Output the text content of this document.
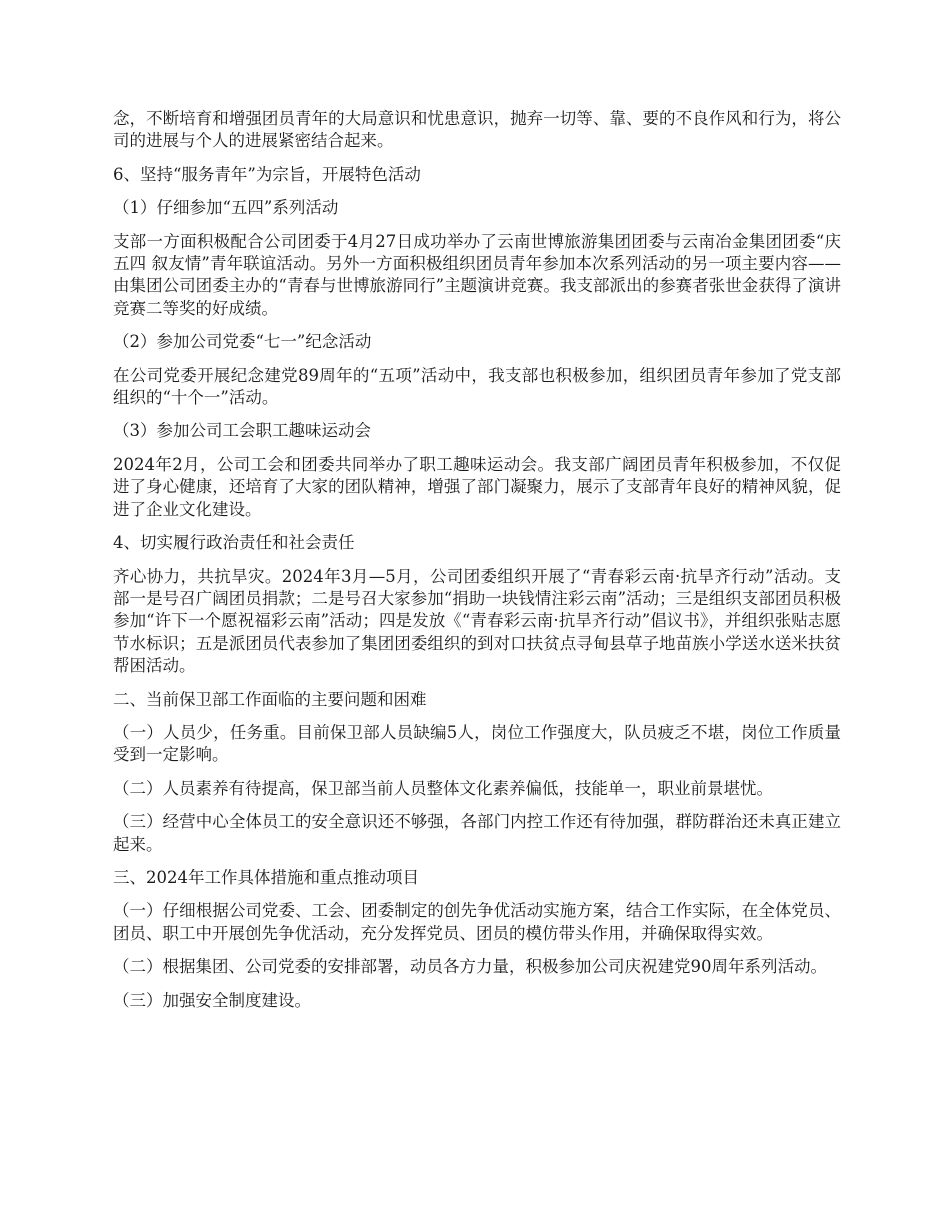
念，不断培育和增强团员青年的大局意识和忧患意识，抛弃一切等、靠、要的不良作风和行为，将公司的进展与个人的进展紧密结合起来。

6、坚持“服务青年”为宗旨，开展特色活动

（1）仔细参加“五四”系列活动

支部一方面积极配合公司团委于4月27日成功举办了云南世博旅游集团团委与云南冶金集团团委“庆五四 叙友情”青年联谊活动。另外一方面积极组织团员青年参加本次系列活动的另一项主要内容——由集团公司团委主办的“青春与世博旅游同行”主题演讲竞赛。我支部派出的参赛者张世金获得了演讲竞赛二等奖的好成绩。

（2）参加公司党委“七一”纪念活动

在公司党委开展纪念建党89周年的“五项”活动中，我支部也积极参加，组织团员青年参加了党支部组织的“十个一”活动。

（3）参加公司工会职工趣味运动会

2024年2月，公司工会和团委共同举办了职工趣味运动会。我支部广阔团员青年积极参加，不仅促进了身心健康，还培育了大家的团队精神，增强了部门凝聚力，展示了支部青年良好的精神风貌，促进了企业文化建设。

4、切实履行政治责任和社会责任

齐心协力，共抗旱灾。2024年3月—5月，公司团委组织开展了“青春彩云南·抗旱齐行动”活动。支部一是号召广阔团员捐款；二是号召大家参加“捐助一块钱情注彩云南”活动；三是组织支部团员积极参加“许下一个愿祝福彩云南”活动；四是发放《“青春彩云南·抗旱齐行动”倡议书》，并组织张贴志愿节水标识；五是派团员代表参加了集团团委组织的到对口扶贫点寻甸县草子地苗族小学送水送米扶贫帮困活动。

二、当前保卫部工作面临的主要问题和困难

（一）人员少，任务重。目前保卫部人员缺编5人，岗位工作强度大，队员疲乏不堪，岗位工作质量受到一定影响。

（二）人员素养有待提高，保卫部当前人员整体文化素养偏低，技能单一，职业前景堪忧。

（三）经营中心全体员工的安全意识还不够强，各部门内控工作还有待加强，群防群治还未真正建立起来。

三、2024年工作具体措施和重点推动项目

（一）仔细根据公司党委、工会、团委制定的创先争优活动实施方案，结合工作实际，在全体党员、团员、职工中开展创先争优活动，充分发挥党员、团员的模仿带头作用，并确保取得实效。

（二）根据集团、公司党委的安排部署，动员各方力量，积极参加公司庆祝建党90周年系列活动。

（三）加强安全制度建设。
